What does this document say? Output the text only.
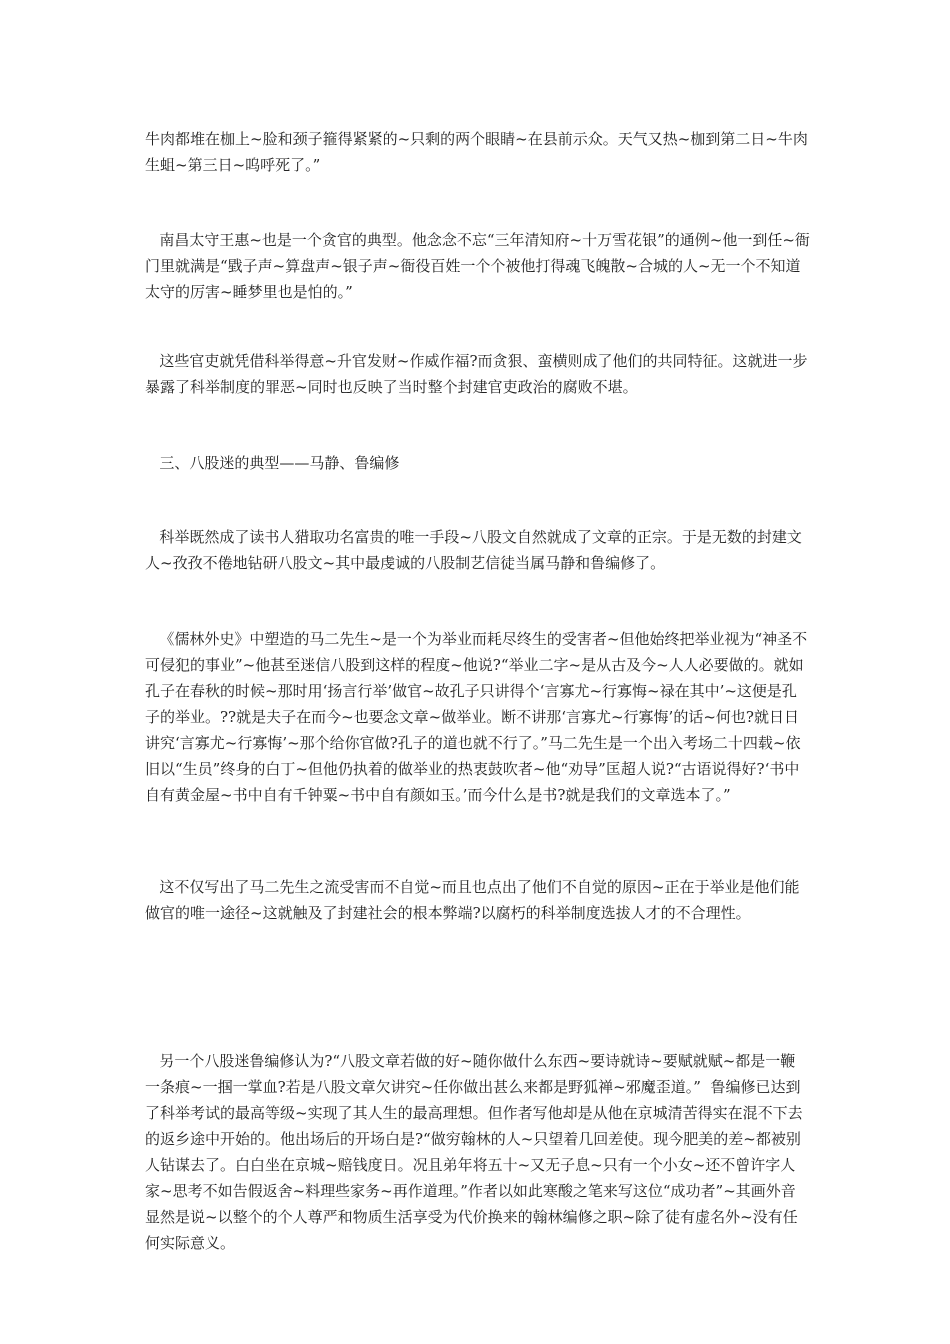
牛肉都堆在枷上~脸和颈子箍得紧紧的~只剩的两个眼睛~在县前示众。天气又热~枷到第二日~牛肉生蛆~第三日~呜呼死了。”

南昌太守王惠~也是一个贪官的典型。他念念不忘“三年清知府~十万雪花银”的通例~他一到任~衙门里就满是“戥子声~算盘声~银子声~衙役百姓一个个被他打得魂飞魄散~合城的人~无一个不知道太守的厉害~睡梦里也是怕的。”

这些官吏就凭借科举得意~升官发财~作威作福?而贪狠、蛮横则成了他们的共同特征。这就进一步暴露了科举制度的罪恶~同时也反映了当时整个封建官吏政治的腐败不堪。

三、八股迷的典型——马静、鲁编修

科举既然成了读书人猎取功名富贵的唯一手段~八股文自然就成了文章的正宗。于是无数的封建文人~孜孜不倦地钻研八股文~其中最虔诚的八股制艺信徒当属马静和鲁编修了。

《儒林外史》中塑造的马二先生~是一个为举业而耗尽终生的受害者~但他始终把举业视为“神圣不可侵犯的事业”~他甚至迷信八股到这样的程度~他说?“举业二字~是从古及今~人人必要做的。就如孔子在春秋的时候~那时用‘扬言行举’做官~故孔子只讲得个‘言寡尤~行寡悔~禄在其中’~这便是孔子的举业。??就是夫子在而今~也要念文章~做举业。断不讲那‘言寡尤~行寡悔’的话~何也?就日日讲究‘言寡尤~行寡悔’~那个给你官做?孔子的道也就不行了。”马二先生是一个出入考场二十四载~依旧以“生员”终身的白丁~但他仍执着的做举业的热衷鼓吹者~他“劝导”匡超人说?“古语说得好?‘书中自有黄金屋~书中自有千钟粟~书中自有颜如玉。’而今什么是书?就是我们的文章选本了。”

这不仅写出了马二先生之流受害而不自觉~而且也点出了他们不自觉的原因~正在于举业是他们能做官的唯一途径~这就触及了封建社会的根本弊端?以腐朽的科举制度选拔人才的不合理性。

另一个八股迷鲁编修认为?“八股文章若做的好~随你做什么东西~要诗就诗~要赋就赋~都是一鞭一条痕~一掴一掌血?若是八股文章欠讲究~任你做出甚么来都是野狐禅~邪魔歪道。”  鲁编修已达到了科举考试的最高等级~实现了其人生的最高理想。但作者写他却是从他在京城清苦得实在混不下去的返乡途中开始的。他出场后的开场白是?“做穷翰林的人~只望着几回差使。现今肥美的差~都被别人钻谋去了。白白坐在京城~赔钱度日。况且弟年将五十~又无子息~只有一个小女~还不曾许字人家~思考不如告假返舍~料理些家务~再作道理。”作者以如此寒酸之笔来写这位“成功者”~其画外音显然是说~以整个的个人尊严和物质生活享受为代价换来的翰林编修之职~除了徒有虚名外~没有任何实际意义。
